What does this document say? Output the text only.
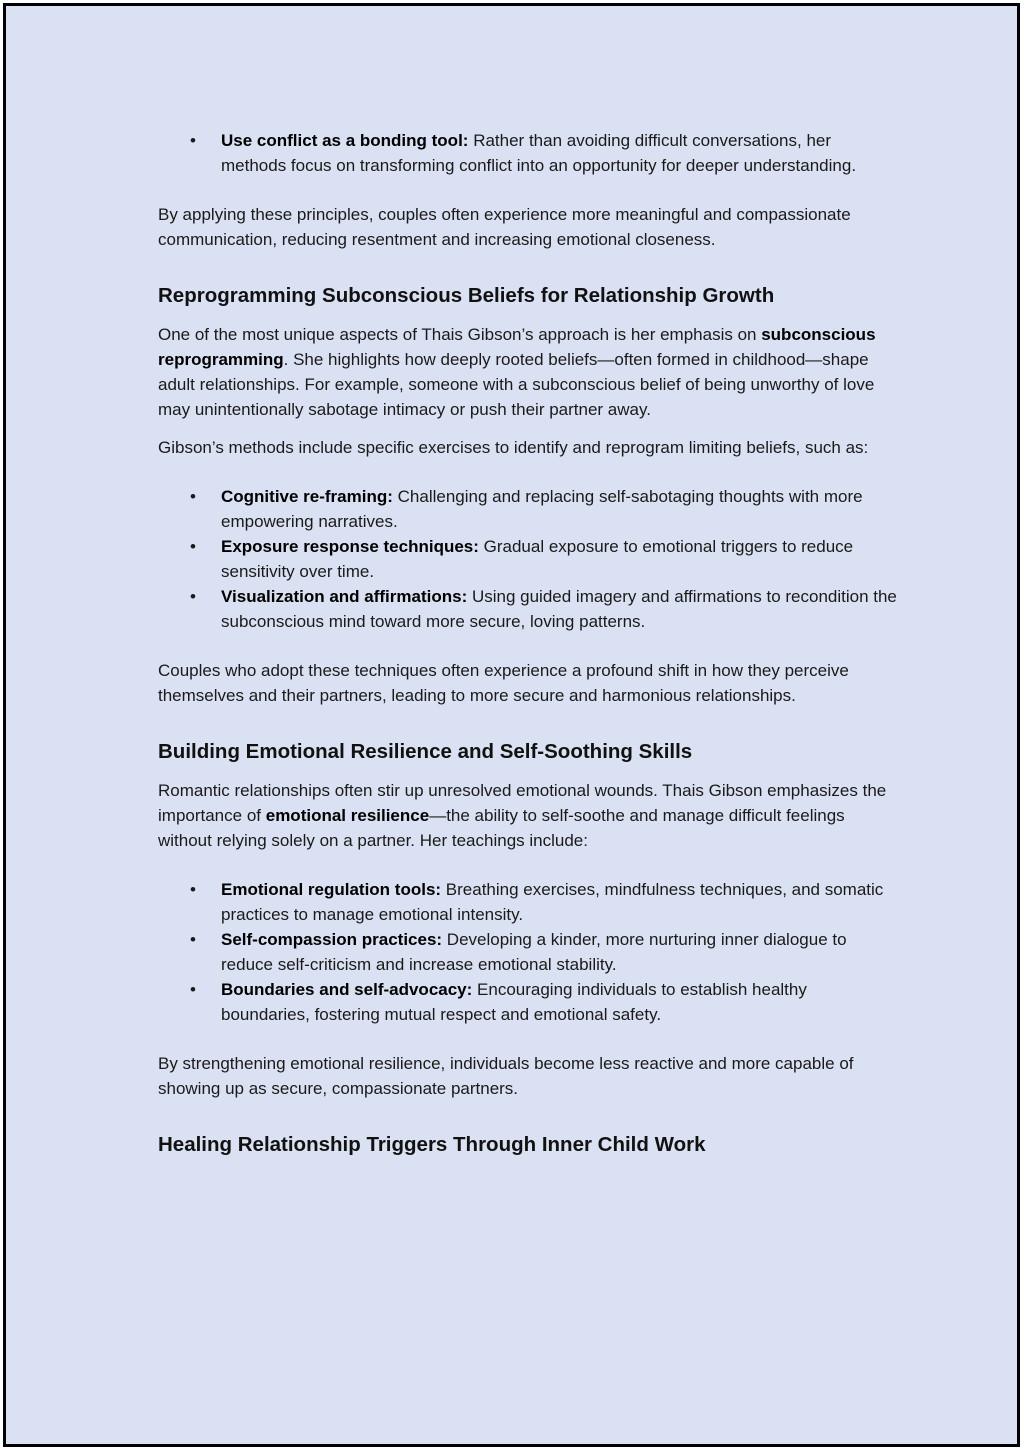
• Use conflict as a bonding tool: Rather than avoiding difficult conversations, her methods focus on transforming conflict into an opportunity for deeper understanding.

By applying these principles, couples often experience more meaningful and compassionate communication, reducing resentment and increasing emotional closeness.

Reprogramming Subconscious Beliefs for Relationship Growth

One of the most unique aspects of Thais Gibson’s approach is her emphasis on subconscious reprogramming. She highlights how deeply rooted beliefs—often formed in childhood—shape adult relationships. For example, someone with a subconscious belief of being unworthy of love may unintentionally sabotage intimacy or push their partner away.

Gibson’s methods include specific exercises to identify and reprogram limiting beliefs, such as:

• Cognitive re-framing: Challenging and replacing self-sabotaging thoughts with more empowering narratives.
• Exposure response techniques: Gradual exposure to emotional triggers to reduce sensitivity over time.
• Visualization and affirmations: Using guided imagery and affirmations to recondition the subconscious mind toward more secure, loving patterns.

Couples who adopt these techniques often experience a profound shift in how they perceive themselves and their partners, leading to more secure and harmonious relationships.

Building Emotional Resilience and Self-Soothing Skills

Romantic relationships often stir up unresolved emotional wounds. Thais Gibson emphasizes the importance of emotional resilience—the ability to self-soothe and manage difficult feelings without relying solely on a partner. Her teachings include:

• Emotional regulation tools: Breathing exercises, mindfulness techniques, and somatic practices to manage emotional intensity.
• Self-compassion practices: Developing a kinder, more nurturing inner dialogue to reduce self-criticism and increase emotional stability.
• Boundaries and self-advocacy: Encouraging individuals to establish healthy boundaries, fostering mutual respect and emotional safety.

By strengthening emotional resilience, individuals become less reactive and more capable of showing up as secure, compassionate partners.

Healing Relationship Triggers Through Inner Child Work
